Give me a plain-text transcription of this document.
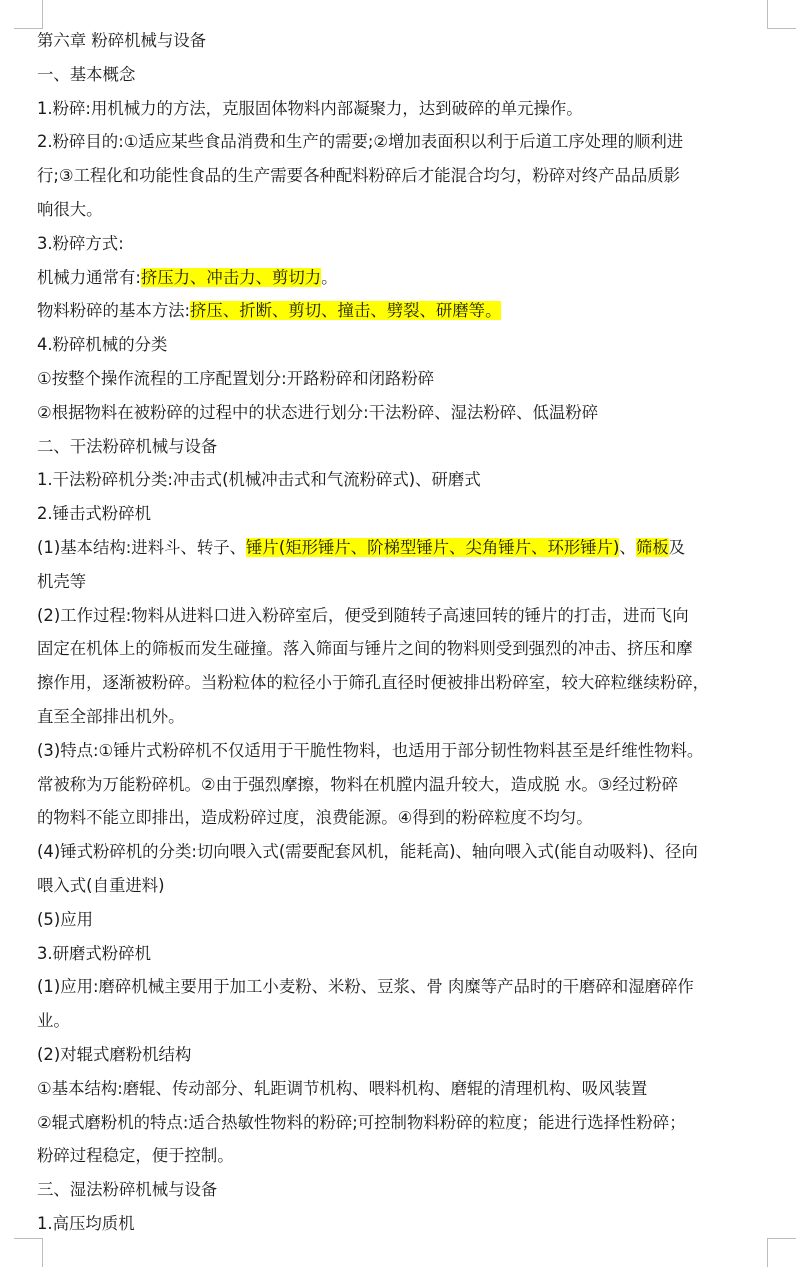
第六章 粉碎机械与设备
一、基本概念
1.粉碎:用机械力的方法，克服固体物料内部凝聚力，达到破碎的单元操作。
2.粉碎目的:①适应某些食品消费和生产的需要;②增加表面积以利于后道工序处理的顺利进
行;③工程化和功能性食品的生产需要各种配料粉碎后才能混合均匀，粉碎对终产品品质影
响很大。
3.粉碎方式:
机械力通常有:挤压力、冲击力、剪切力。
物料粉碎的基本方法:挤压、折断、剪切、撞击、劈裂、研磨等。
4.粉碎机械的分类
①按整个操作流程的工序配置划分:开路粉碎和闭路粉碎
②根据物料在被粉碎的过程中的状态进行划分:干法粉碎、湿法粉碎、低温粉碎
二、干法粉碎机械与设备
1.干法粉碎机分类:冲击式(机械冲击式和气流粉碎式)、研磨式
2.锤击式粉碎机
(1)基本结构:进料斗、转子、锤片(矩形锤片、阶梯型锤片、尖角锤片、环形锤片)、筛板及
机壳等
(2)工作过程:物料从进料口进入粉碎室后，便受到随转子高速回转的锤片的打击，进而飞向
固定在机体上的筛板而发生碰撞。落入筛面与锤片之间的物料则受到强烈的冲击、挤压和摩
擦作用，逐渐被粉碎。当粉粒体的粒径小于筛孔直径时便被排出粉碎室，较大碎粒继续粉碎，
直至全部排出机外。
(3)特点:①锤片式粉碎机不仅适用于干脆性物料，也适用于部分韧性物料甚至是纤维性物料。
常被称为万能粉碎机。②由于强烈摩擦，物料在机膛内温升较大，造成脱 水。③经过粉碎
的物料不能立即排出，造成粉碎过度，浪费能源。④得到的粉碎粒度不均匀。
(4)锤式粉碎机的分类:切向喂入式(需要配套风机，能耗高)、轴向喂入式(能自动吸料)、径向
喂入式(自重进料)
(5)应用
3.研磨式粉碎机
(1)应用:磨碎机械主要用于加工小麦粉、米粉、豆浆、骨 肉糜等产品时的干磨碎和湿磨碎作
业。
(2)对辊式磨粉机结构
①基本结构:磨辊、传动部分、轧距调节机构、喂料机构、磨辊的清理机构、吸风装置
②辊式磨粉机的特点:适合热敏性物料的粉碎;可控制物料粉碎的粒度；能进行选择性粉碎；
粉碎过程稳定，便于控制。
三、湿法粉碎机械与设备
1.高压均质机
